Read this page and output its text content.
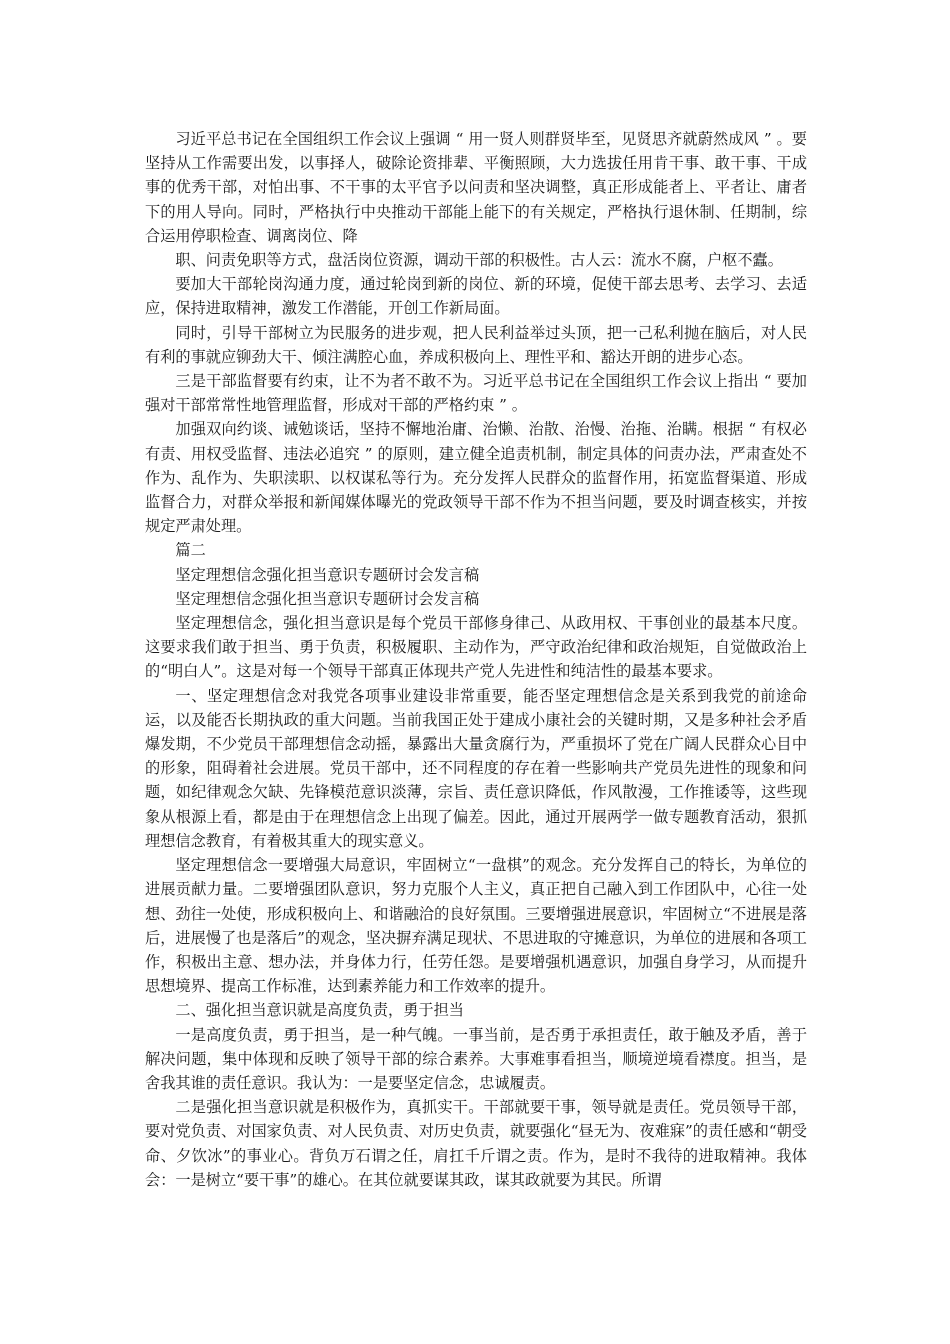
习近平总书记在全国组织工作会议上强调 “ 用一贤人则群贤毕至，见贤思齐就蔚然成风 ” 。要坚持从工作需要出发，以事择人，破除论资排辈、平衡照顾，大力选拔任用肯干事、敢干事、干成事的优秀干部，对怕出事、不干事的太平官予以问责和坚决调整，真正形成能者上、平者让、庸者下的用人导向。同时，严格执行中央推动干部能上能下的有关规定，严格执行退休制、任期制，综合运用停职检查、调离岗位、降

职、问责免职等方式，盘活岗位资源，调动干部的积极性。古人云：流水不腐，户枢不蠹。

要加大干部轮岗沟通力度，通过轮岗到新的岗位、新的环境，促使干部去思考、去学习、去适应，保持进取精神，激发工作潜能，开创工作新局面。

同时，引导干部树立为民服务的进步观，把人民利益举过头顶，把一己私利抛在脑后，对人民有利的事就应铆劲大干、倾注满腔心血，养成积极向上、理性平和、豁达开朗的进步心态。

三是干部监督要有约束，让不为者不敢不为。习近平总书记在全国组织工作会议上指出 “ 要加强对干部常常性地管理监督，形成对干部的严格约束 ” 。

加强双向约谈、诫勉谈话，坚持不懈地治庸、治懒、治散、治慢、治拖、治瞒。根据 “ 有权必有责、用权受监督、违法必追究 ” 的原则，建立健全追责机制，制定具体的问责办法，严肃查处不作为、乱作为、失职渎职、以权谋私等行为。充分发挥人民群众的监督作用，拓宽监督渠道、形成监督合力，对群众举报和新闻媒体曝光的党政领导干部不作为不担当问题，要及时调查核实，并按规定严肃处理。

篇二

坚定理想信念强化担当意识专题研讨会发言稿

坚定理想信念强化担当意识专题研讨会发言稿

坚定理想信念，强化担当意识是每个党员干部修身律己、从政用权、干事创业的最基本尺度。这要求我们敢于担当、勇于负责，积极履职、主动作为，严守政治纪律和政治规矩，自觉做政治上的“明白人”。这是对每一个领导干部真正体现共产党人先进性和纯洁性的最基本要求。

一、坚定理想信念对我党各项事业建设非常重要，能否坚定理想信念是关系到我党的前途命运，以及能否长期执政的重大问题。当前我国正处于建成小康社会的关键时期，又是多种社会矛盾爆发期，不少党员干部理想信念动摇，暴露出大量贪腐行为，严重损坏了党在广阔人民群众心目中的形象，阻碍着社会进展。党员干部中，还不同程度的存在着一些影响共产党员先进性的现象和问题，如纪律观念欠缺、先锋模范意识淡薄，宗旨、责任意识降低，作风散漫，工作推诿等，这些现象从根源上看，都是由于在理想信念上出现了偏差。因此，通过开展两学一做专题教育活动，狠抓理想信念教育，有着极其重大的现实意义。

坚定理想信念一要增强大局意识，牢固树立“一盘棋”的观念。充分发挥自己的特长，为单位的进展贡献力量。二要增强团队意识，努力克服个人主义，真正把自己融入到工作团队中，心往一处想、劲往一处使，形成积极向上、和谐融洽的良好氛围。三要增强进展意识，牢固树立“不进展是落后，进展慢了也是落后”的观念，坚决摒弃满足现状、不思进取的守摊意识，为单位的进展和各项工作，积极出主意、想办法，并身体力行，任劳任怨。是要增强机遇意识，加强自身学习，从而提升思想境界、提高工作标准，达到素养能力和工作效率的提升。

二、强化担当意识就是高度负责，勇于担当

一是高度负责，勇于担当，是一种气魄。一事当前，是否勇于承担责任，敢于触及矛盾，善于解决问题，集中体现和反映了领导干部的综合素养。大事难事看担当，顺境逆境看襟度。担当，是舍我其谁的责任意识。我认为：一是要坚定信念，忠诚履责。

二是强化担当意识就是积极作为，真抓实干。干部就要干事，领导就是责任。党员领导干部，要对党负责、对国家负责、对人民负责、对历史负责，就要强化“昼无为、夜难寐”的责任感和“朝受命、夕饮冰”的事业心。背负万石谓之任，肩扛千斤谓之责。作为，是时不我待的进取精神。我体会：一是树立“要干事”的雄心。在其位就要谋其政，谋其政就要为其民。所谓
